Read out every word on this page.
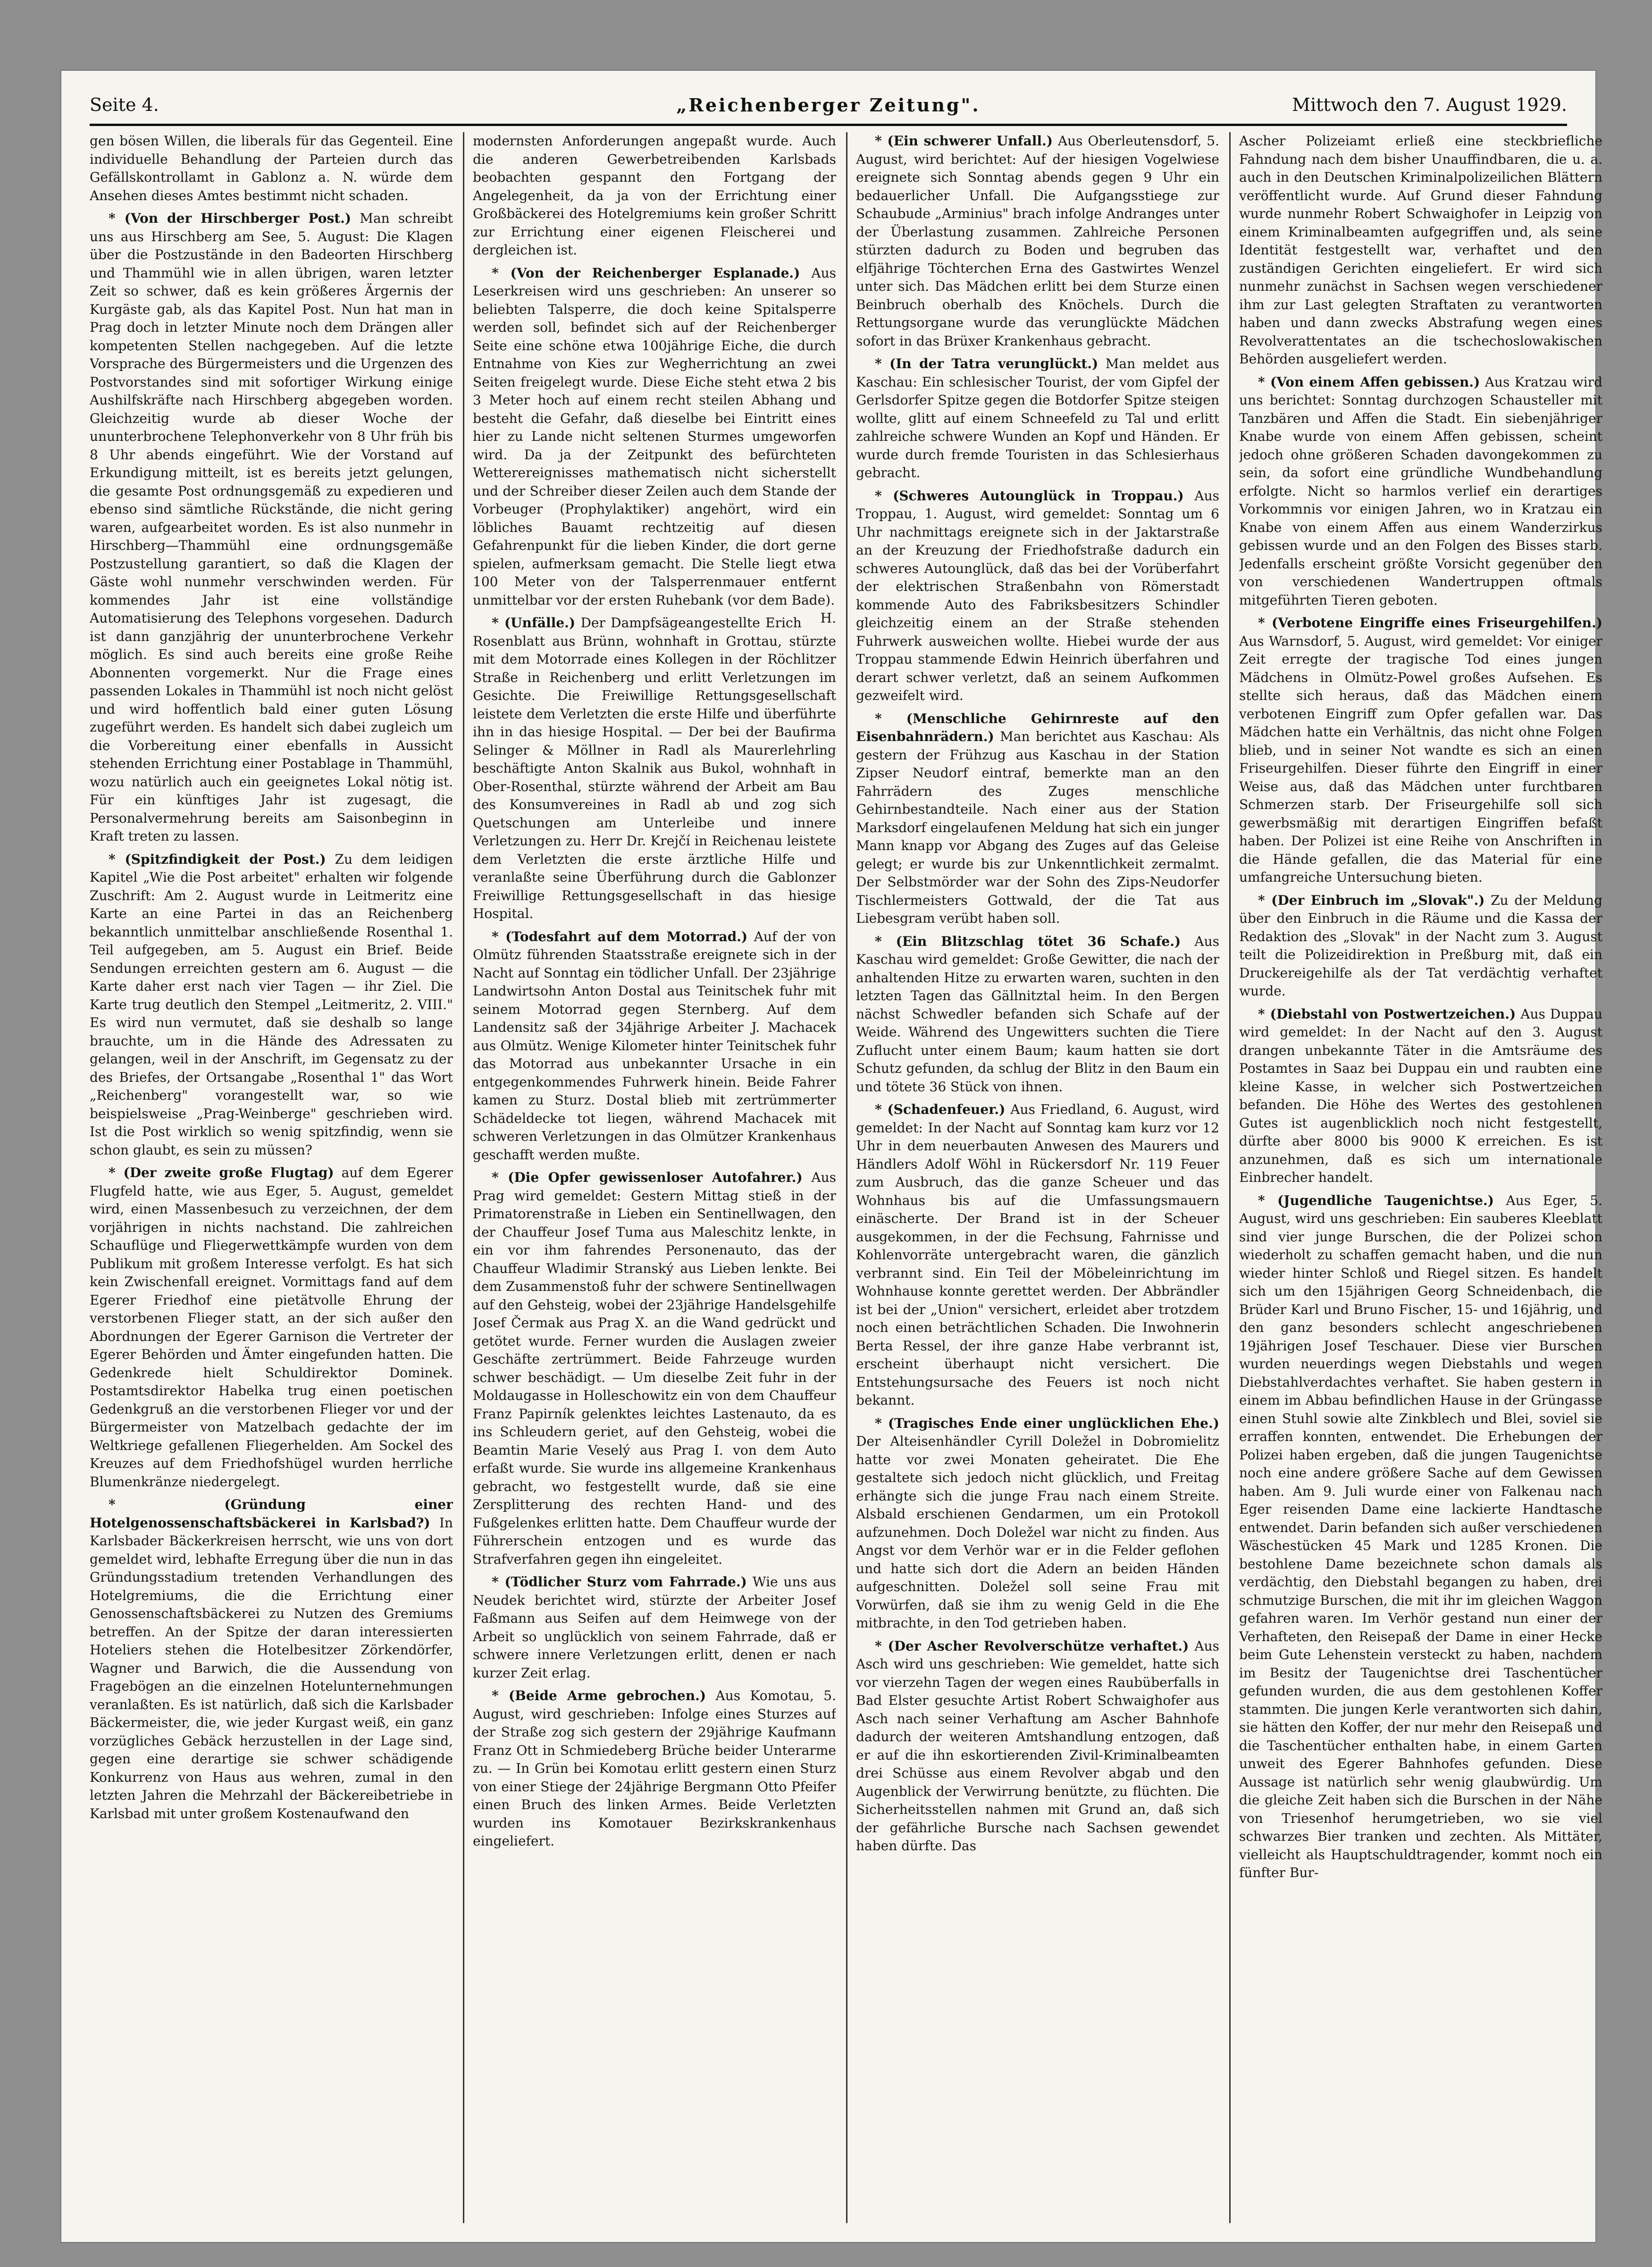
Seite 4.	„Reichenberger Zeitung".	Mittwoch den 7. August 1929.

gen bösen Willen, die liberals für das Gegenteil. Eine individuelle Behandlung der Parteien durch das Gefällskontrollamt in Gablonz a. N. würde dem Ansehen dieses Amtes bestimmt nicht schaden.

* (Von der Hirschberger Post.) Man schreibt uns aus Hirschberg am See, 5. August: Die Klagen über die Postzustände in den Badeorten Hirschberg und Thammühl wie in allen übrigen, waren letzter Zeit so schwer, daß es kein größeres Ärgernis der Kurgäste gab, als das Kapitel Post. Nun hat man in Prag doch in letzter Minute noch dem Drängen aller kompetenten Stellen nachgegeben. Auf die letzte Vorsprache des Bürgermeisters und die Urgenzen des Postvorstandes sind mit sofortiger Wirkung einige Aushilfskräfte nach Hirschberg abgegeben worden. Gleichzeitig wurde ab dieser Woche der ununterbrochene Telephonverkehr von 8 Uhr früh bis 8 Uhr abends eingeführt. Wie der Vorstand auf Erkundigung mitteilt, ist es bereits jetzt gelungen, die gesamte Post ordnungsgemäß zu expedieren und ebenso sind sämtliche Rückstände, die nicht gering waren, aufgearbeitet worden. Es ist also nunmehr in Hirschberg—Thammühl eine ordnungsgemäße Postzustellung garantiert, so daß die Klagen der Gäste wohl nunmehr verschwinden werden. Für kommendes Jahr ist eine vollständige Automatisierung des Telephons vorgesehen. Dadurch ist dann ganzjährig der ununterbrochene Verkehr möglich. Es sind auch bereits eine große Reihe Abonnenten vorgemerkt. Nur die Frage eines passenden Lokales in Thammühl ist noch nicht gelöst und wird hoffentlich bald einer guten Lösung zugeführt werden. Es handelt sich dabei zugleich um die Vorbereitung einer ebenfalls in Aussicht stehenden Errichtung einer Postablage in Thammühl, wozu natürlich auch ein geeignetes Lokal nötig ist. Für ein künftiges Jahr ist zugesagt, die Personalvermehrung bereits am Saisonbeginn in Kraft treten zu lassen.

* (Spitzfindigkeit der Post.) Zu dem leidigen Kapitel „Wie die Post arbeitet" erhalten wir folgende Zuschrift: Am 2. August wurde in Leitmeritz eine Karte an eine Partei in das an Reichenberg bekanntlich unmittelbar anschließende Rosenthal 1. Teil aufgegeben, am 5. August ein Brief. Beide Sendungen erreichten gestern am 6. August — die Karte daher erst nach vier Tagen — ihr Ziel. Die Karte trug deutlich den Stempel „Leitmeritz, 2. VIII." Es wird nun vermutet, daß sie deshalb so lange brauchte, um in die Hände des Adressaten zu gelangen, weil in der Anschrift, im Gegensatz zu der des Briefes, der Ortsangabe „Rosenthal 1" das Wort „Reichenberg" vorangestellt war, so wie beispielsweise „Prag-Weinberge" geschrieben wird. Ist die Post wirklich so wenig spitzfindig, wenn sie schon glaubt, es sein zu müssen?

* (Der zweite große Flugtag) auf dem Egerer Flugfeld hatte, wie aus Eger, 5. August, gemeldet wird, einen Massenbesuch zu verzeichnen, der dem vorjährigen in nichts nachstand. Die zahlreichen Schauflüge und Fliegerwettkämpfe wurden von dem Publikum mit großem Interesse verfolgt. Es hat sich kein Zwischenfall ereignet. Vormittags fand auf dem Egerer Friedhof eine pietätvolle Ehrung der verstorbenen Flieger statt, an der sich außer den Abordnungen der Egerer Garnison die Vertreter der Egerer Behörden und Ämter eingefunden hatten. Die Gedenkrede hielt Schuldirektor Dominek. Postamtsdirektor Habelka trug einen poetischen Gedenkgruß an die verstorbenen Flieger vor und der Bürgermeister von Matzelbach gedachte der im Weltkriege gefallenen Fliegerhelden. Am Sockel des Kreuzes auf dem Friedhofshügel wurden herrliche Blumenkränze niedergelegt.

* (Gründung einer Hotelgenossenschaftsbäckerei in Karlsbad?) In Karlsbader Bäckerkreisen herrscht, wie uns von dort gemeldet wird, lebhafte Erregung über die nun in das Gründungsstadium tretenden Verhandlungen des Hotelgremiums, die die Errichtung einer Genossenschaftsbäckerei zu Nutzen des Gremiums betreffen. An der Spitze der daran interessierten Hoteliers stehen die Hotelbesitzer Zörkendörfer, Wagner und Barwich, die die Aussendung von Fragebögen an die einzelnen Hotelunternehmungen veranlaßten. Es ist natürlich, daß sich die Karlsbader Bäckermeister, die, wie jeder Kurgast weiß, ein ganz vorzügliches Gebäck herzustellen in der Lage sind, gegen eine derartige sie schwer schädigende Konkurrenz von Haus aus wehren, zumal in den letzten Jahren die Mehrzahl der Bäckereibetriebe in Karlsbad mit unter großem Kostenaufwand den

modernsten Anforderungen angepaßt wurde. Auch die anderen Gewerbetreibenden Karlsbads beobachten gespannt den Fortgang der Angelegenheit, da ja von der Errichtung einer Großbäckerei des Hotelgremiums kein großer Schritt zur Errichtung einer eigenen Fleischerei und dergleichen ist.

* (Von der Reichenberger Esplanade.) Aus Leserkreisen wird uns geschrieben: An unserer so beliebten Talsperre, die doch keine Spitalsperre werden soll, befindet sich auf der Reichenberger Seite eine schöne etwa 100jährige Eiche, die durch Entnahme von Kies zur Wegherrichtung an zwei Seiten freigelegt wurde. Diese Eiche steht etwa 2 bis 3 Meter hoch auf einem recht steilen Abhang und besteht die Gefahr, daß dieselbe bei Eintritt eines hier zu Lande nicht seltenen Sturmes umgeworfen wird. Da ja der Zeitpunkt des befürchteten Wetterereignisses mathematisch nicht sicherstellt und der Schreiber dieser Zeilen auch dem Stande der Vorbeuger (Prophylaktiker) angehört, wird ein löbliches Bauamt rechtzeitig auf diesen Gefahrenpunkt für die lieben Kinder, die dort gerne spielen, aufmerksam gemacht. Die Stelle liegt etwa 100 Meter von der Talsperrenmauer entfernt unmittelbar vor der ersten Ruhebank (vor dem Bade).
H.

* (Unfälle.) Der Dampfsägeangestellte Erich Rosenblatt aus Brünn, wohnhaft in Grottau, stürzte mit dem Motorrade eines Kollegen in der Röchlitzer Straße in Reichenberg und erlitt Verletzungen im Gesichte. Die Freiwillige Rettungsgesellschaft leistete dem Verletzten die erste Hilfe und überführte ihn in das hiesige Hospital. — Der bei der Baufirma Selinger & Möllner in Radl als Maurerlehrling beschäftigte Anton Skalnik aus Bukol, wohnhaft in Ober-Rosenthal, stürzte während der Arbeit am Bau des Konsumvereines in Radl ab und zog sich Quetschungen am Unterleibe und innere Verletzungen zu. Herr Dr. Krejčí in Reichenau leistete dem Verletzten die erste ärztliche Hilfe und veranlaßte seine Überführung durch die Gablonzer Freiwillige Rettungsgesellschaft in das hiesige Hospital.

* (Todesfahrt auf dem Motorrad.) Auf der von Olmütz führenden Staatsstraße ereignete sich in der Nacht auf Sonntag ein tödlicher Unfall. Der 23jährige Landwirtsohn Anton Dostal aus Teinitschek fuhr mit seinem Motorrad gegen Sternberg. Auf dem Landensitz saß der 34jährige Arbeiter J. Machacek aus Olmütz. Wenige Kilometer hinter Teinitschek fuhr das Motorrad aus unbekannter Ursache in ein entgegenkommendes Fuhrwerk hinein. Beide Fahrer kamen zu Sturz. Dostal blieb mit zertrümmerter Schädeldecke tot liegen, während Machacek mit schweren Verletzungen in das Olmützer Krankenhaus geschafft werden mußte.

* (Die Opfer gewissenloser Autofahrer.) Aus Prag wird gemeldet: Gestern Mittag stieß in der Primatorenstraße in Lieben ein Sentinellwagen, den der Chauffeur Josef Tuma aus Maleschitz lenkte, in ein vor ihm fahrendes Personenauto, das der Chauffeur Wladimir Stranský aus Lieben lenkte. Bei dem Zusammenstoß fuhr der schwere Sentinellwagen auf den Gehsteig, wobei der 23jährige Handelsgehilfe Josef Čermak aus Prag X. an die Wand gedrückt und getötet wurde. Ferner wurden die Auslagen zweier Geschäfte zertrümmert. Beide Fahrzeuge wurden schwer beschädigt. — Um dieselbe Zeit fuhr in der Moldaugasse in Holleschowitz ein von dem Chauffeur Franz Papirník gelenktes leichtes Lastenauto, da es ins Schleudern geriet, auf den Gehsteig, wobei die Beamtin Marie Veselý aus Prag I. von dem Auto erfaßt wurde. Sie wurde ins allgemeine Krankenhaus gebracht, wo festgestellt wurde, daß sie eine Zersplitterung des rechten Hand- und des Fußgelenkes erlitten hatte. Dem Chauffeur wurde der Führerschein entzogen und es wurde das Strafverfahren gegen ihn eingeleitet.

* (Tödlicher Sturz vom Fahrrade.) Wie uns aus Neudek berichtet wird, stürzte der Arbeiter Josef Faßmann aus Seifen auf dem Heimwege von der Arbeit so unglücklich von seinem Fahrrade, daß er schwere innere Verletzungen erlitt, denen er nach kurzer Zeit erlag.

* (Beide Arme gebrochen.) Aus Komotau, 5. August, wird geschrieben: Infolge eines Sturzes auf der Straße zog sich gestern der 29jährige Kaufmann Franz Ott in Schmiedeberg Brüche beider Unterarme zu. — In Grün bei Komotau erlitt gestern einen Sturz von einer Stiege der 24jährige Bergmann Otto Pfeifer einen Bruch des linken Armes. Beide Verletzten wurden ins Komotauer Bezirkskrankenhaus eingeliefert.

* (Ein schwerer Unfall.) Aus Oberleutensdorf, 5. August, wird berichtet: Auf der hiesigen Vogelwiese ereignete sich Sonntag abends gegen 9 Uhr ein bedauerlicher Unfall. Die Aufgangsstiege zur Schaubude „Arminius" brach infolge Andranges unter der Überlastung zusammen. Zahlreiche Personen stürzten dadurch zu Boden und begruben das elfjährige Töchterchen Erna des Gastwirtes Wenzel unter sich. Das Mädchen erlitt bei dem Sturze einen Beinbruch oberhalb des Knöchels. Durch die Rettungsorgane wurde das verunglückte Mädchen sofort in das Brüxer Krankenhaus gebracht.

* (In der Tatra verunglückt.) Man meldet aus Kaschau: Ein schlesischer Tourist, der vom Gipfel der Gerlsdorfer Spitze gegen die Botdorfer Spitze steigen wollte, glitt auf einem Schneefeld zu Tal und erlitt zahlreiche schwere Wunden an Kopf und Händen. Er wurde durch fremde Touristen in das Schlesierhaus gebracht.

* (Schweres Autounglück in Troppau.) Aus Troppau, 1. August, wird gemeldet: Sonntag um 6 Uhr nachmittags ereignete sich in der Jaktarstraße an der Kreuzung der Friedhofstraße dadurch ein schweres Autounglück, daß das bei der Vorüberfahrt der elektrischen Straßenbahn von Römerstadt kommende Auto des Fabriksbesitzers Schindler gleichzeitig einem an der Straße stehenden Fuhrwerk ausweichen wollte. Hiebei wurde der aus Troppau stammende Edwin Heinrich überfahren und derart schwer verletzt, daß an seinem Aufkommen gezweifelt wird.

* (Menschliche Gehirnreste auf den Eisenbahnrädern.) Man berichtet aus Kaschau: Als gestern der Frühzug aus Kaschau in der Station Zipser Neudorf eintraf, bemerkte man an den Fahrrädern des Zuges menschliche Gehirnbestandteile. Nach einer aus der Station Marksdorf eingelaufenen Meldung hat sich ein junger Mann knapp vor Abgang des Zuges auf das Geleise gelegt; er wurde bis zur Unkenntlichkeit zermalmt. Der Selbstmörder war der Sohn des Zips-Neudorfer Tischlermeisters Gottwald, der die Tat aus Liebesgram verübt haben soll.

* (Ein Blitzschlag tötet 36 Schafe.) Aus Kaschau wird gemeldet: Große Gewitter, die nach der anhaltenden Hitze zu erwarten waren, suchten in den letzten Tagen das Gällnitztal heim. In den Bergen nächst Schwedler befanden sich Schafe auf der Weide. Während des Ungewitters suchten die Tiere Zuflucht unter einem Baum; kaum hatten sie dort Schutz gefunden, da schlug der Blitz in den Baum ein und tötete 36 Stück von ihnen.

* (Schadenfeuer.) Aus Friedland, 6. August, wird gemeldet: In der Nacht auf Sonntag kam kurz vor 12 Uhr in dem neuerbauten Anwesen des Maurers und Händlers Adolf Wöhl in Rückersdorf Nr. 119 Feuer zum Ausbruch, das die ganze Scheuer und das Wohnhaus bis auf die Umfassungsmauern einäscherte. Der Brand ist in der Scheuer ausgekommen, in der die Fechsung, Fahrnisse und Kohlenvorräte untergebracht waren, die gänzlich verbrannt sind. Ein Teil der Möbeleinrichtung im Wohnhause konnte gerettet werden. Der Abbrändler ist bei der „Union" versichert, erleidet aber trotzdem noch einen beträchtlichen Schaden. Die Inwohnerin Berta Ressel, der ihre ganze Habe verbrannt ist, erscheint überhaupt nicht versichert. Die Entstehungsursache des Feuers ist noch nicht bekannt.

* (Tragisches Ende einer unglücklichen Ehe.) Der Alteisenhändler Cyrill Doležel in Dobromielitz hatte vor zwei Monaten geheiratet. Die Ehe gestaltete sich jedoch nicht glücklich, und Freitag erhängte sich die junge Frau nach einem Streite. Alsbald erschienen Gendarmen, um ein Protokoll aufzunehmen. Doch Doležel war nicht zu finden. Aus Angst vor dem Verhör war er in die Felder geflohen und hatte sich dort die Adern an beiden Händen aufgeschnitten. Doležel soll seine Frau mit Vorwürfen, daß sie ihm zu wenig Geld in die Ehe mitbrachte, in den Tod getrieben haben.

* (Der Ascher Revolverschütze verhaftet.) Aus Asch wird uns geschrieben: Wie gemeldet, hatte sich vor vierzehn Tagen der wegen eines Raubüberfalls in Bad Elster gesuchte Artist Robert Schwaighofer aus Asch nach seiner Verhaftung am Ascher Bahnhofe dadurch der weiteren Amtshandlung entzogen, daß er auf die ihn eskortierenden Zivil-Kriminalbeamten drei Schüsse aus einem Revolver abgab und den Augenblick der Verwirrung benützte, zu flüchten. Die Sicherheitsstellen nahmen mit Grund an, daß sich der gefährliche Bursche nach Sachsen gewendet haben dürfte. Das

Ascher Polizeiamt erließ eine steckbriefliche Fahndung nach dem bisher Unauffindbaren, die u. a. auch in den Deutschen Kriminalpolizeilichen Blättern veröffentlicht wurde. Auf Grund dieser Fahndung wurde nunmehr Robert Schwaighofer in Leipzig von einem Kriminalbeamten aufgegriffen und, als seine Identität festgestellt war, verhaftet und den zuständigen Gerichten eingeliefert. Er wird sich nunmehr zunächst in Sachsen wegen verschiedener ihm zur Last gelegten Straftaten zu verantworten haben und dann zwecks Abstrafung wegen eines Revolverattentates an die tschechoslowakischen Behörden ausgeliefert werden.

* (Von einem Affen gebissen.) Aus Kratzau wird uns berichtet: Sonntag durchzogen Schausteller mit Tanzbären und Affen die Stadt. Ein siebenjähriger Knabe wurde von einem Affen gebissen, scheint jedoch ohne größeren Schaden davongekommen zu sein, da sofort eine gründliche Wundbehandlung erfolgte. Nicht so harmlos verlief ein derartiges Vorkommnis vor einigen Jahren, wo in Kratzau ein Knabe von einem Affen aus einem Wanderzirkus gebissen wurde und an den Folgen des Bisses starb. Jedenfalls erscheint größte Vorsicht gegenüber den von verschiedenen Wandertruppen oftmals mitgeführten Tieren geboten.

* (Verbotene Eingriffe eines Friseurgehilfen.) Aus Warnsdorf, 5. August, wird gemeldet: Vor einiger Zeit erregte der tragische Tod eines jungen Mädchens in Olmütz-Powel großes Aufsehen. Es stellte sich heraus, daß das Mädchen einem verbotenen Eingriff zum Opfer gefallen war. Das Mädchen hatte ein Verhältnis, das nicht ohne Folgen blieb, und in seiner Not wandte es sich an einen Friseurgehilfen. Dieser führte den Eingriff in einer Weise aus, daß das Mädchen unter furchtbaren Schmerzen starb. Der Friseurgehilfe soll sich gewerbsmäßig mit derartigen Eingriffen befaßt haben. Der Polizei ist eine Reihe von Anschriften in die Hände gefallen, die das Material für eine umfangreiche Untersuchung bieten.

* (Der Einbruch im „Slovak".) Zu der Meldung über den Einbruch in die Räume und die Kassa der Redaktion des „Slovak" in der Nacht zum 3. August teilt die Polizeidirektion in Preßburg mit, daß ein Druckereigehilfe als der Tat verdächtig verhaftet wurde.

* (Diebstahl von Postwertzeichen.) Aus Duppau wird gemeldet: In der Nacht auf den 3. August drangen unbekannte Täter in die Amtsräume des Postamtes in Saaz bei Duppau ein und raubten eine kleine Kasse, in welcher sich Postwertzeichen befanden. Die Höhe des Wertes des gestohlenen Gutes ist augenblicklich noch nicht festgestellt, dürfte aber 8000 bis 9000 K erreichen. Es ist anzunehmen, daß es sich um internationale Einbrecher handelt.

* (Jugendliche Taugenichtse.) Aus Eger, 5. August, wird uns geschrieben: Ein sauberes Kleeblatt sind vier junge Burschen, die der Polizei schon wiederholt zu schaffen gemacht haben, und die nun wieder hinter Schloß und Riegel sitzen. Es handelt sich um den 15jährigen Georg Schneidenbach, die Brüder Karl und Bruno Fischer, 15- und 16jährig, und den ganz besonders schlecht angeschriebenen 19jährigen Josef Teschauer. Diese vier Burschen wurden neuerdings wegen Diebstahls und wegen Diebstahlverdachtes verhaftet. Sie haben gestern in einem im Abbau befindlichen Hause in der Grüngasse einen Stuhl sowie alte Zinkblech und Blei, soviel sie erraffen konnten, entwendet. Die Erhebungen der Polizei haben ergeben, daß die jungen Taugenichtse noch eine andere größere Sache auf dem Gewissen haben. Am 9. Juli wurde einer von Falkenau nach Eger reisenden Dame eine lackierte Handtasche entwendet. Darin befanden sich außer verschiedenen Wäschestücken 45 Mark und 1285 Kronen. Die bestohlene Dame bezeichnete schon damals als verdächtig, den Diebstahl begangen zu haben, drei schmutzige Burschen, die mit ihr im gleichen Waggon gefahren waren. Im Verhör gestand nun einer der Verhafteten, den Reisepaß der Dame in einer Hecke beim Gute Lehenstein versteckt zu haben, nachdem im Besitz der Taugenichtse drei Taschentücher gefunden wurden, die aus dem gestohlenen Koffer stammten. Die jungen Kerle verantworten sich dahin, sie hätten den Koffer, der nur mehr den Reisepaß und die Taschentücher enthalten habe, in einem Garten unweit des Egerer Bahnhofes gefunden. Diese Aussage ist natürlich sehr wenig glaubwürdig. Um die gleiche Zeit haben sich die Burschen in der Nähe von Triesenhof herumgetrieben, wo sie viel schwarzes Bier tranken und zechten. Als Mittäter, vielleicht als Hauptschuldtragender, kommt noch ein fünfter Bur-
